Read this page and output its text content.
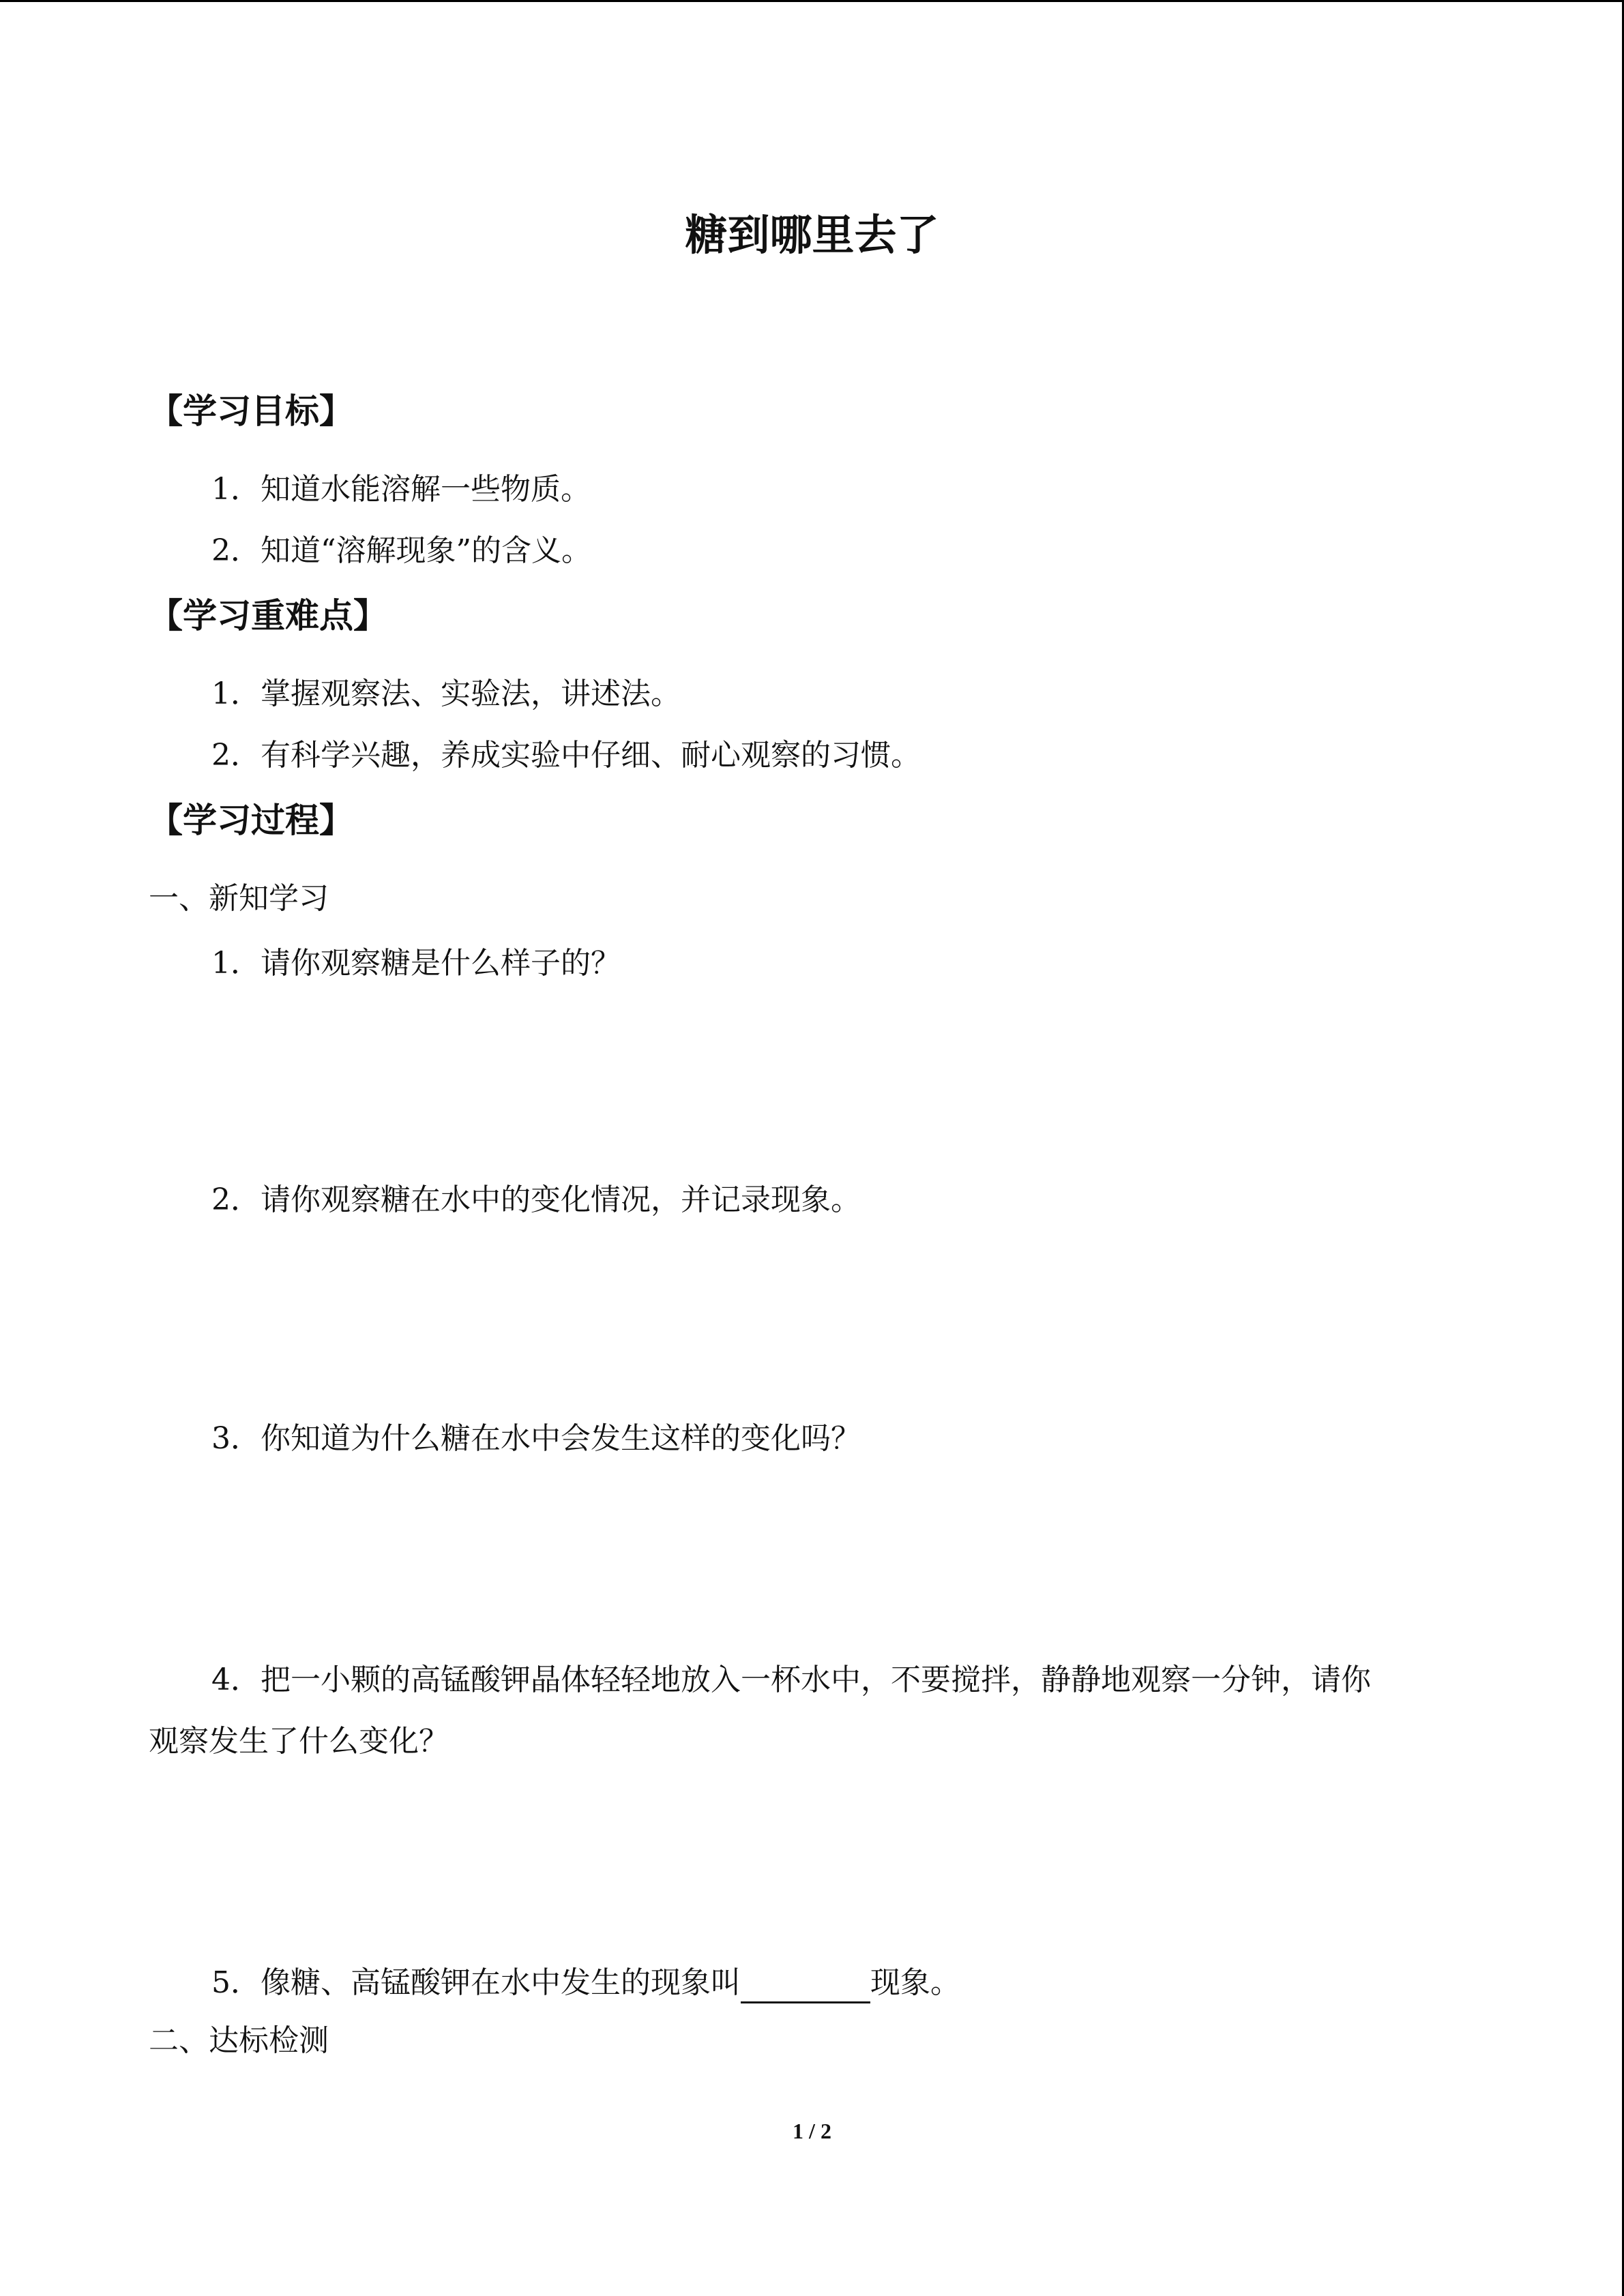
糖到哪里去了
【学习目标】
1．知道水能溶解一些物质。
2．知道“溶解现象”的含义。
【学习重难点】
1．掌握观察法、实验法，讲述法。
2．有科学兴趣，养成实验中仔细、耐心观察的习惯。
【学习过程】
一、新知学习
1．请你观察糖是什么样子的？
2．请你观察糖在水中的变化情况，并记录现象。
3．你知道为什么糖在水中会发生这样的变化吗？
4．把一小颗的高锰酸钾晶体轻轻地放入一杯水中，不要搅拌，静静地观察一分钟，请你
观察发生了什么变化？
5．像糖、高锰酸钾在水中发生的现象叫	现象。
二、达标检测
1 / 2
